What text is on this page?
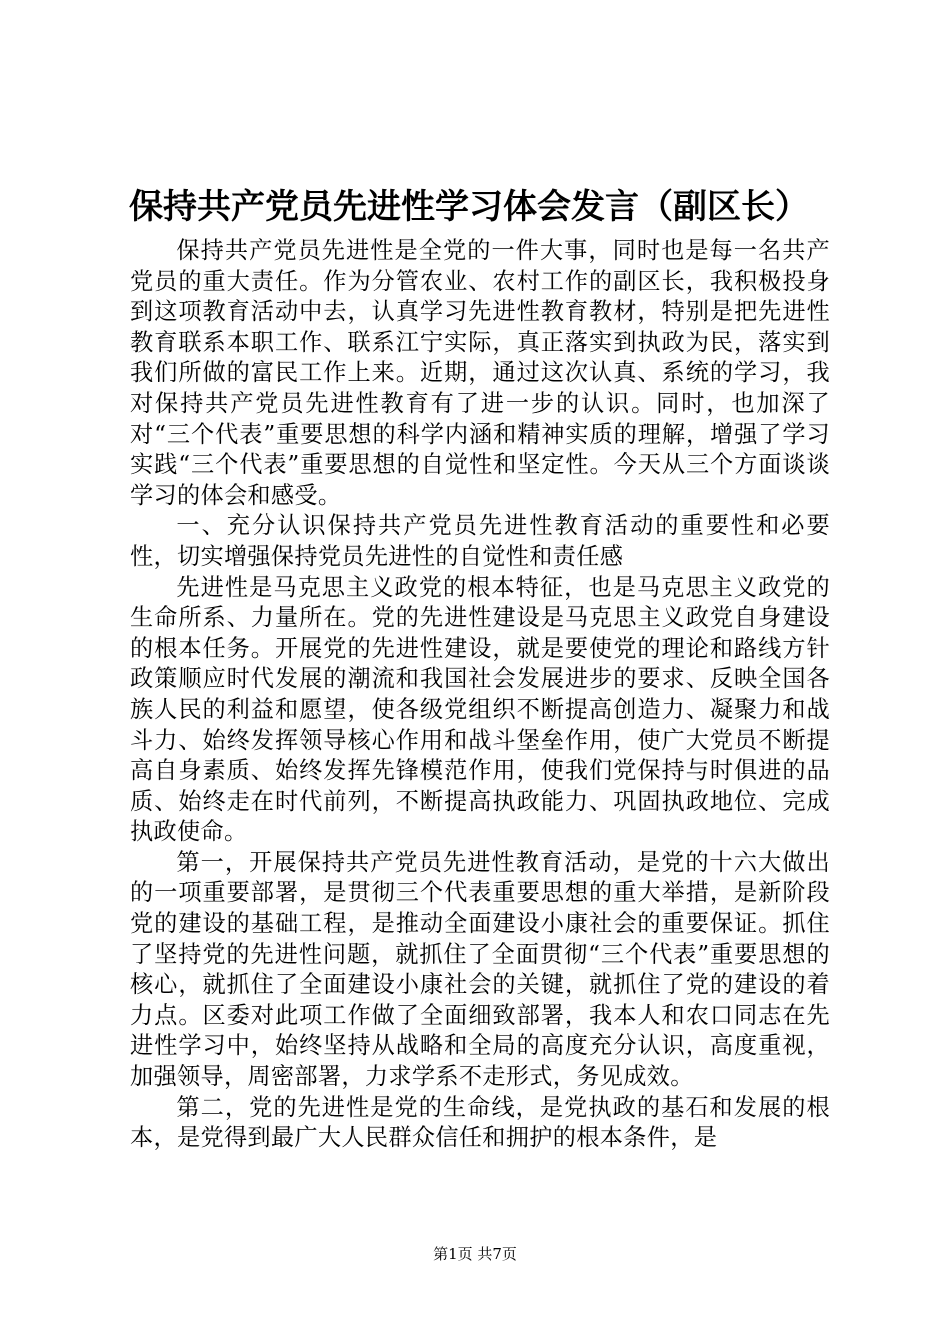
保持共产党员先进性学习体会发言（副区长）

保持共产党员先进性是全党的一件大事，同时也是每一名共产党员的重大责任。作为分管农业、农村工作的副区长，我积极投身到这项教育活动中去，认真学习先进性教育教材，特别是把先进性教育联系本职工作、联系江宁实际，真正落实到执政为民，落实到我们所做的富民工作上来。近期，通过这次认真、系统的学习，我对保持共产党员先进性教育有了进一步的认识。同时，也加深了对“三个代表”重要思想的科学内涵和精神实质的理解，增强了学习实践“三个代表”重要思想的自觉性和坚定性。今天从三个方面谈谈学习的体会和感受。

一、充分认识保持共产党员先进性教育活动的重要性和必要性，切实增强保持党员先进性的自觉性和责任感

先进性是马克思主义政党的根本特征，也是马克思主义政党的生命所系、力量所在。党的先进性建设是马克思主义政党自身建设的根本任务。开展党的先进性建设，就是要使党的理论和路线方针政策顺应时代发展的潮流和我国社会发展进步的要求、反映全国各族人民的利益和愿望，使各级党组织不断提高创造力、凝聚力和战斗力、始终发挥领导核心作用和战斗堡垒作用，使广大党员不断提高自身素质、始终发挥先锋模范作用，使我们党保持与时俱进的品质、始终走在时代前列，不断提高执政能力、巩固执政地位、完成执政使命。

第一，开展保持共产党员先进性教育活动，是党的十六大做出的一项重要部署，是贯彻三个代表重要思想的重大举措，是新阶段党的建设的基础工程，是推动全面建设小康社会的重要保证。抓住了坚持党的先进性问题，就抓住了全面贯彻“三个代表”重要思想的核心，就抓住了全面建设小康社会的关键，就抓住了党的建设的着力点。区委对此项工作做了全面细致部署，我本人和农口同志在先进性学习中，始终坚持从战略和全局的高度充分认识，高度重视，加强领导，周密部署，力求学系不走形式，务见成效。

第二，党的先进性是党的生命线，是党执政的基石和发展的根本，是党得到最广大人民群众信任和拥护的根本条件，是

第1页 共7页
